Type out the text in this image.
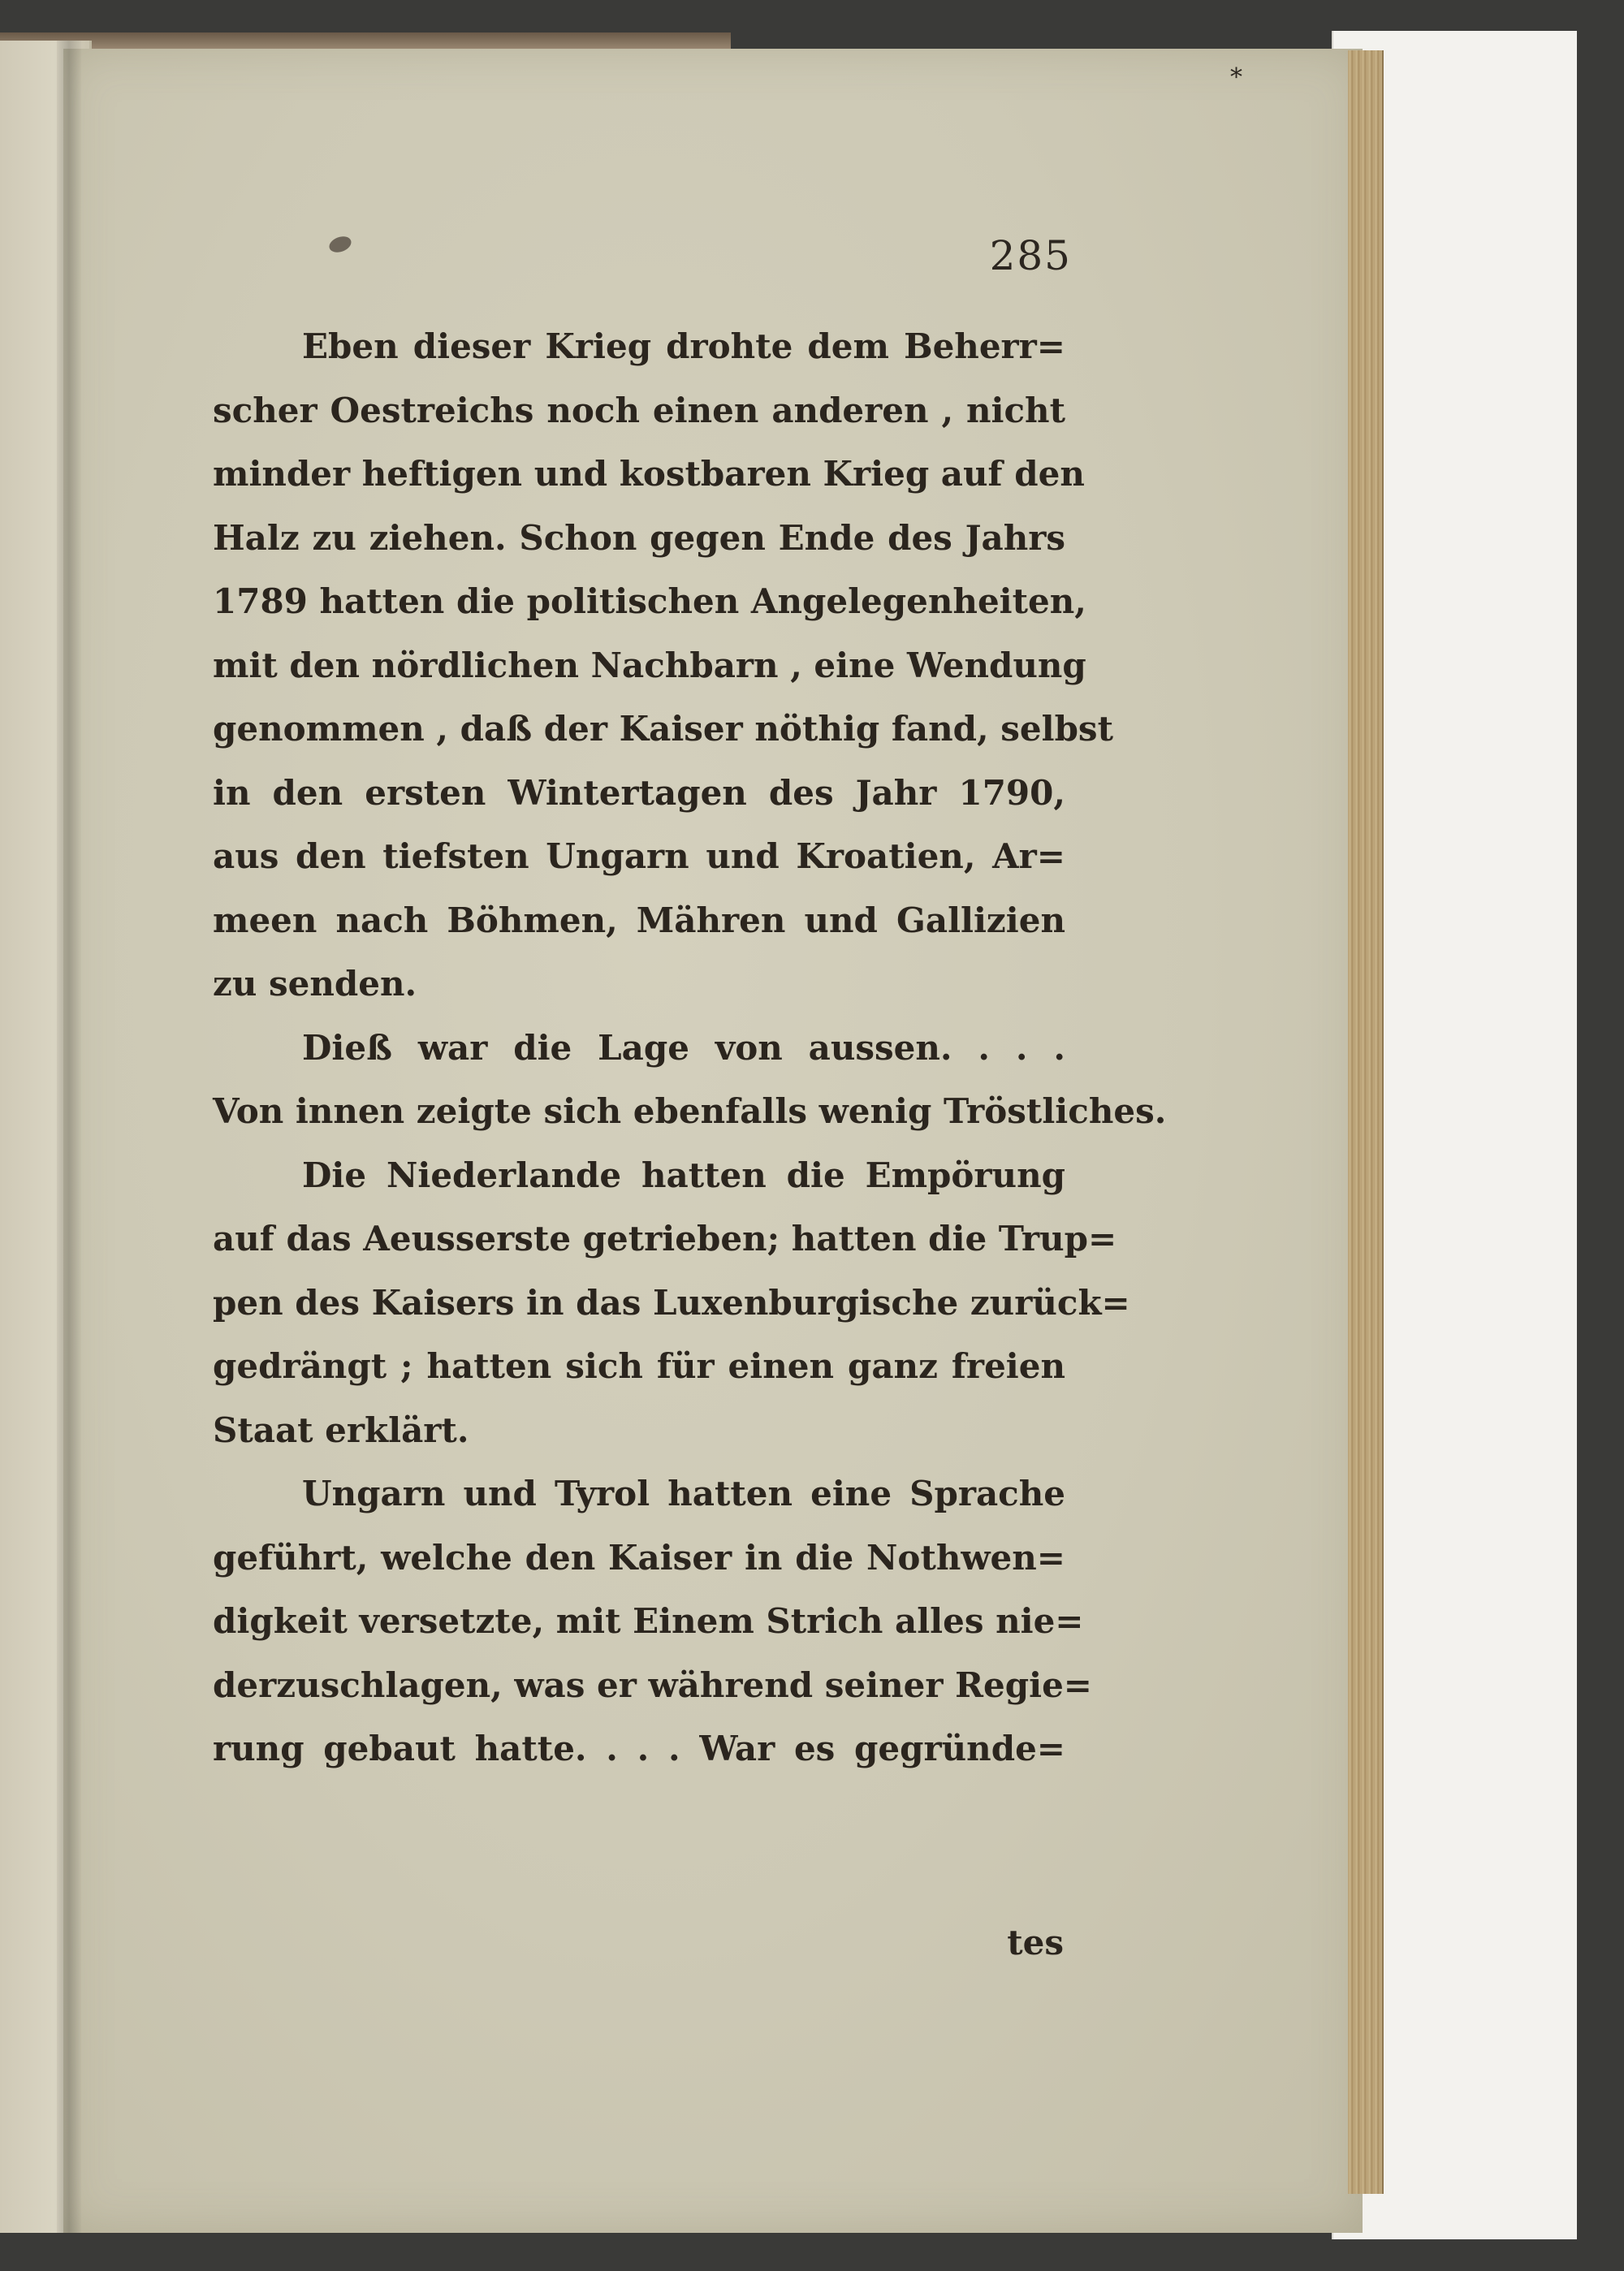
*
285
Eben dieser Krieg drohte dem Beherr=
scher Oestreichs noch einen anderen , nicht
minder heftigen und kostbaren Krieg auf den
Halz zu ziehen. Schon gegen Ende des Jahrs
1789 hatten die politischen Angelegenheiten,
mit den nördlichen Nachbarn , eine Wendung
genommen , daß der Kaiser nöthig fand, selbst
in den ersten Wintertagen des Jahr 1790,
aus den tiefsten Ungarn und Kroatien, Ar=
meen nach Böhmen, Mähren und Gallizien
zu senden.
Dieß war die Lage von aussen. . . .
Von innen zeigte sich ebenfalls wenig Tröstliches.
Die Niederlande hatten die Empörung
auf das Aeusserste getrieben; hatten die Trup=
pen des Kaisers in das Luxenburgische zurück=
gedrängt ; hatten sich für einen ganz freien
Staat erklärt.
Ungarn und Tyrol hatten eine Sprache
geführt, welche den Kaiser in die Nothwen=
digkeit versetzte, mit Einem Strich alles nie=
derzuschlagen, was er während seiner Regie=
rung gebaut hatte. . . . War es gegründe=
tes
